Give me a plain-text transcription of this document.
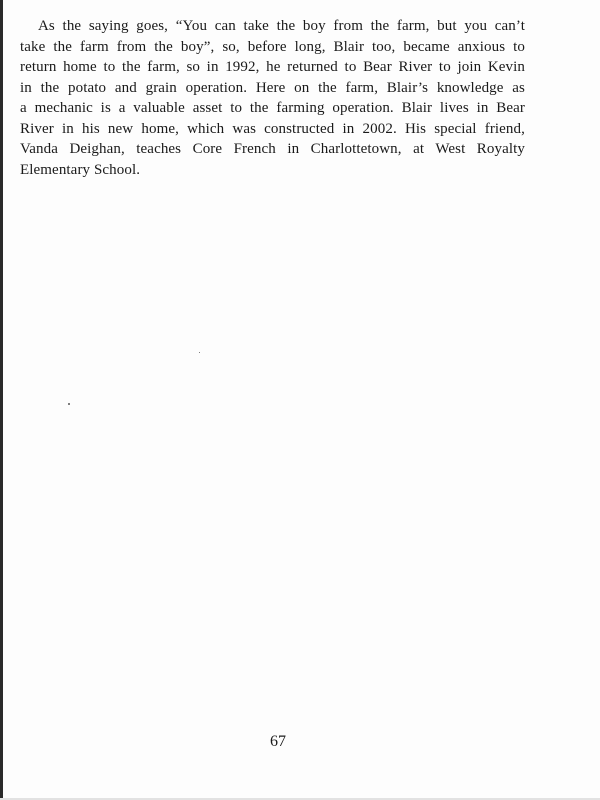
As the saying goes, “You can take the boy from the farm, but you can’t
take the farm from the boy”, so, before long, Blair too, became anxious to
return home to the farm, so in 1992, he returned to Bear River to join Kevin
in the potato and grain operation. Here on the farm, Blair’s knowledge as
a mechanic is a valuable asset to the farming operation. Blair lives in Bear
River in his new home, which was constructed in 2002. His special friend,
Vanda Deighan, teaches Core French in Charlottetown, at West Royalty
Elementary School.

67
